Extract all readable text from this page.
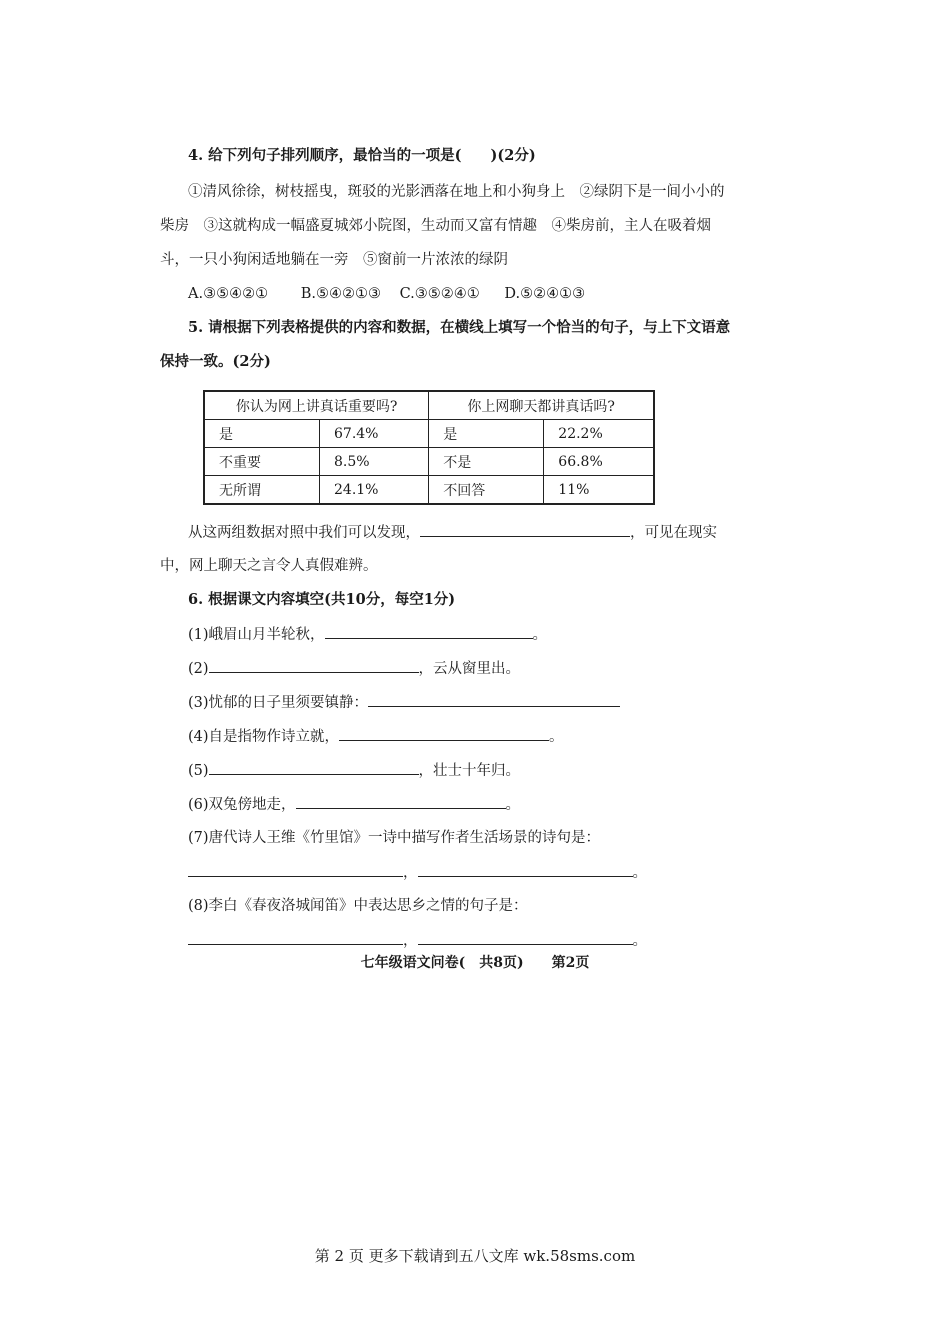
4. 给下列句子排列顺序，最恰当的一项是(　　)(2分)
①清风徐徐，树枝摇曳，斑驳的光影洒落在地上和小狗身上　②绿阴下是一间小小的
柴房　③这就构成一幅盛夏城郊小院图，生动而又富有情趣　④柴房前，主人在吸着烟
斗，一只小狗闲适地躺在一旁　⑤窗前一片浓浓的绿阴
A.③⑤④②① B.⑤④②①③ C.③⑤②④① D.⑤②④①③
5. 请根据下列表格提供的内容和数据，在横线上填写一个恰当的句子，与上下文语意
保持一致。(2分)
你认为网上讲真话重要吗?		你上网聊天都讲真话吗?	
是	67.4%	是	22.2%
不重要	8.5%	不是	66.8%
无所谓	24.1%	不回答	11%
从这两组数据对照中我们可以发现，	，可见在现实
中，网上聊天之言令人真假难辨。
6. 根据课文内容填空(共10分，每空1分)
(1)峨眉山月半轮秋，	。
(2)	，云从窗里出。
(3)忧郁的日子里须要镇静：
(4)自是指物作诗立就，	。
(5)	，壮士十年归。
(6)双兔傍地走，	。
(7)唐代诗人王维《竹里馆》一诗中描写作者生活场景的诗句是：
，	。
(8)李白《春夜洛城闻笛》中表达思乡之情的句子是：
，	。
七年级语文问卷(　共8页)　　第2页
第 2 页 更多下载请到五八文库 wk.58sms.com
